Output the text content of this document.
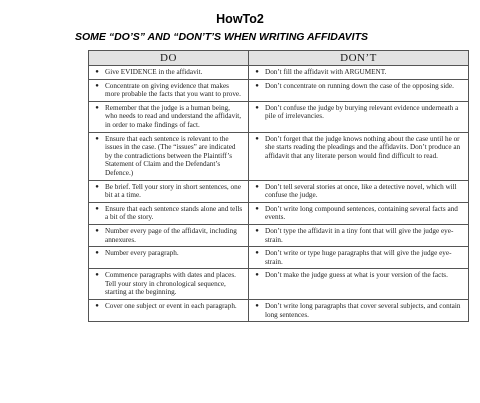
HowTo2
SOME “DO’S” AND “DON’T’S WHEN WRITING AFFIDAVITS
DO	DON’T

● Give EVIDENCE in the affidavit.	● Don’t fill the affidavit with ARGUMENT.

● Concentrate on giving evidence that makes more probable the facts that you want to prove.	● Don’t concentrate on running down the case of the opposing side.

● Remember that the judge is a human being, who needs to read and understand the affidavit, in order to make findings of fact.	● Don’t confuse the judge by burying relevant evidence underneath a pile of irrelevancies.

● Ensure that each sentence is relevant to the issues in the case. (The “issues” are indicated by the contradictions between the Plaintiff’s Statement of Claim and the Defendant’s Defence.)	● Don’t forget that the judge knows nothing about the case until he or she starts reading the pleadings and the affidavits. Don’t produce an affidavit that any literate person would find difficult to read.

● Be brief. Tell your story in short sentences, one bit at a time.	● Don’t tell several stories at once, like a detective novel, which will confuse the judge.

● Ensure that each sentence stands alone and tells a bit of the story.	● Don’t write long compound sentences, containing several facts and events.

● Number every page of the affidavit, including annexures.	● Don’t type the affidavit in a tiny font that will give the judge eye-strain.

● Number every paragraph.	● Don’t write or type huge paragraphs that will give the judge eye-strain.

● Commence paragraphs with dates and places. Tell your story in chronological sequence, starting at the beginning.	● Don’t make the judge guess at what is your version of the facts.

● Cover one subject or event in each paragraph.	● Don’t write long paragraphs that cover several subjects, and contain long sentences.
